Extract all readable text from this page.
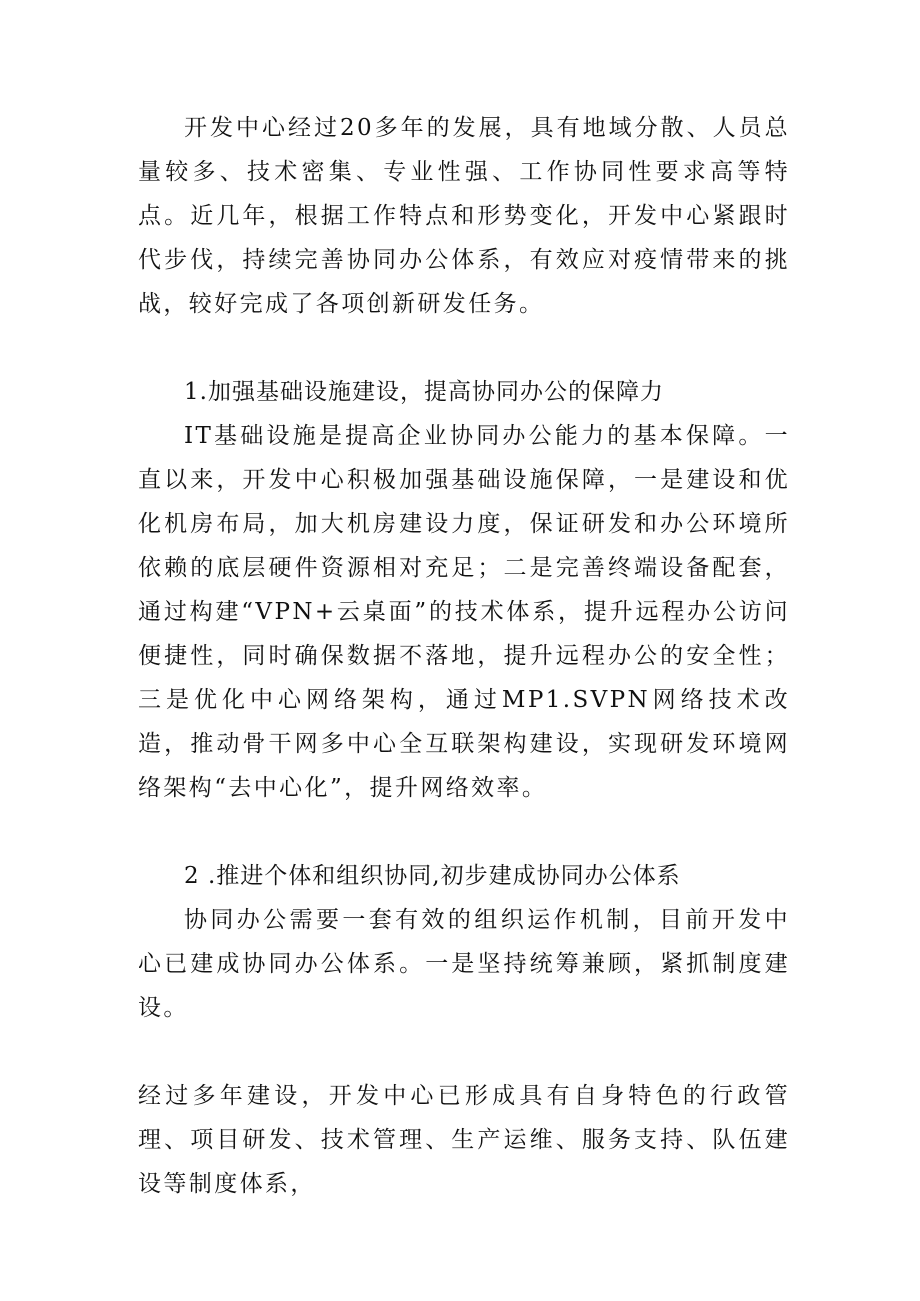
开发中心经过20多年的发展，具有地域分散、人员总量较多、技术密集、专业性强、工作协同性要求高等特点。近几年，根据工作特点和形势变化，开发中心紧跟时代步伐，持续完善协同办公体系，有效应对疫情带来的挑战，较好完成了各项创新研发任务。

1.加强基础设施建设，提高协同办公的保障力

IT基础设施是提高企业协同办公能力的基本保障。一直以来，开发中心积极加强基础设施保障，一是建设和优化机房布局，加大机房建设力度，保证研发和办公环境所依赖的底层硬件资源相对充足；二是完善终端设备配套，通过构建“VPN+云桌面”的技术体系，提升远程办公访问便捷性，同时确保数据不落地，提升远程办公的安全性；三是优化中心网络架构，通过MP1.SVPN网络技术改造，推动骨干网多中心全互联架构建设，实现研发环境网络架构“去中心化”，提升网络效率。

2 .推进个体和组织协同,初步建成协同办公体系

协同办公需要一套有效的组织运作机制，目前开发中心已建成协同办公体系。一是坚持统筹兼顾，紧抓制度建设。

经过多年建设，开发中心已形成具有自身特色的行政管理、项目研发、技术管理、生产运维、服务支持、队伍建设等制度体系，
